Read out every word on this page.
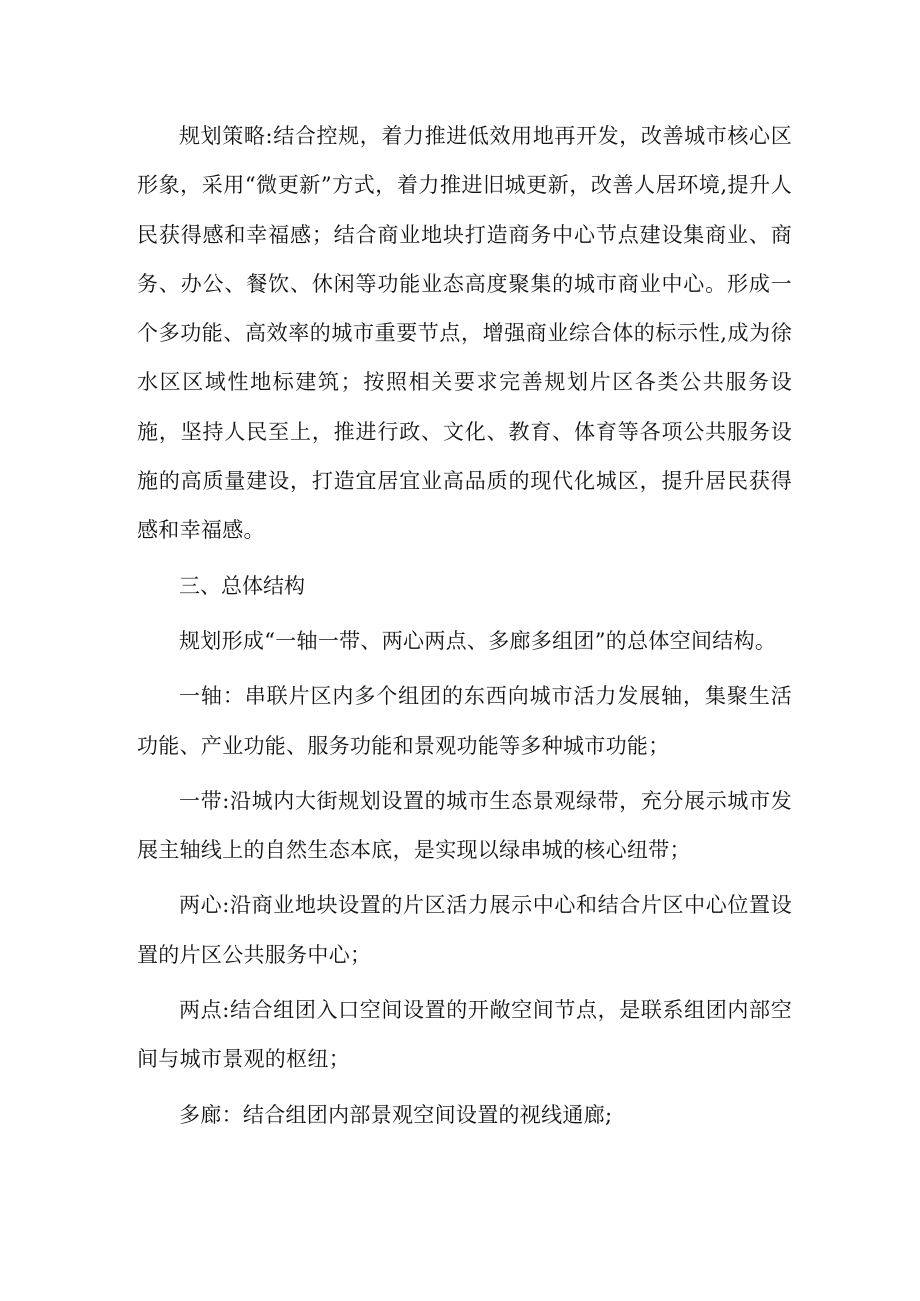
规划策略:结合控规，着力推进低效用地再开发，改善城市核心区形象，采用“微更新”方式，着力推进旧城更新，改善人居环境,提升人民获得感和幸福感；结合商业地块打造商务中心节点建设集商业、商务、办公、餐饮、休闲等功能业态高度聚集的城市商业中心。形成一个多功能、高效率的城市重要节点，增强商业综合体的标示性,成为徐水区区域性地标建筑；按照相关要求完善规划片区各类公共服务设施，坚持人民至上，推进行政、文化、教育、体育等各项公共服务设施的高质量建设，打造宜居宜业高品质的现代化城区，提升居民获得感和幸福感。

三、总体结构

规划形成“一轴一带、两心两点、多廊多组团”的总体空间结构。

一轴：串联片区内多个组团的东西向城市活力发展轴，集聚生活功能、产业功能、服务功能和景观功能等多种城市功能；

一带:沿城内大街规划设置的城市生态景观绿带，充分展示城市发展主轴线上的自然生态本底，是实现以绿串城的核心纽带；

两心:沿商业地块设置的片区活力展示中心和结合片区中心位置设置的片区公共服务中心；

两点:结合组团入口空间设置的开敞空间节点，是联系组团内部空间与城市景观的枢纽；

多廊：结合组团内部景观空间设置的视线通廊;
